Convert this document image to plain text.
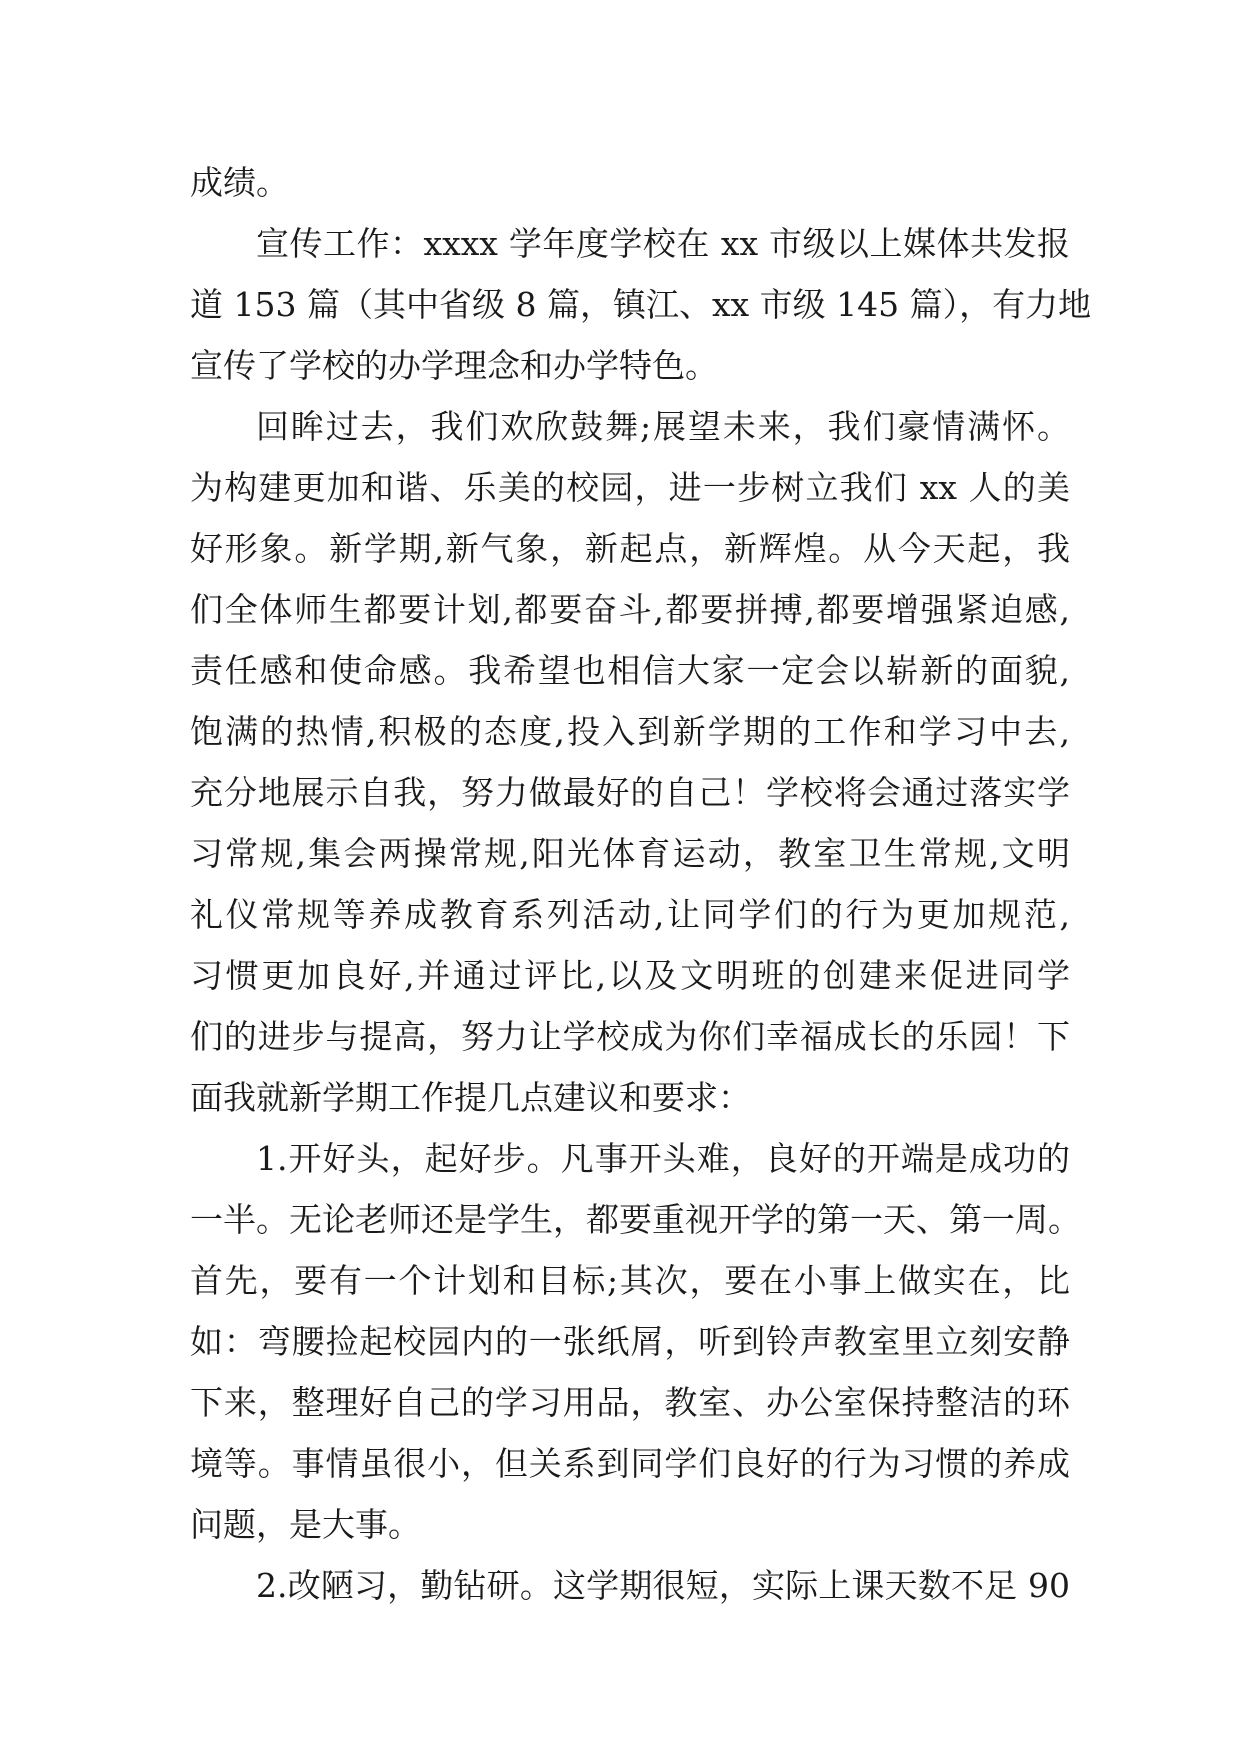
成绩。
宣传工作：xxxx 学年度学校在 xx 市级以上媒体共发报
道 153 篇（其中省级 8 篇，镇江、xx 市级 145 篇），有力地
宣传了学校的办学理念和办学特色。
回眸过去，我们欢欣鼓舞;展望未来，我们豪情满怀。
为构建更加和谐、乐美的校园，进一步树立我们 xx 人的美
好形象。新学期,新气象，新起点，新辉煌。从今天起，我
们全体师生都要计划,都要奋斗,都要拼搏,都要增强紧迫感,
责任感和使命感。我希望也相信大家一定会以崭新的面貌,
饱满的热情,积极的态度,投入到新学期的工作和学习中去,
充分地展示自我，努力做最好的自己！学校将会通过落实学
习常规,集会两操常规,阳光体育运动，教室卫生常规,文明
礼仪常规等养成教育系列活动,让同学们的行为更加规范,
习惯更加良好,并通过评比,以及文明班的创建来促进同学
们的进步与提高，努力让学校成为你们幸福成长的乐园！下
面我就新学期工作提几点建议和要求：
1.开好头，起好步。凡事开头难，良好的开端是成功的
一半。无论老师还是学生，都要重视开学的第一天、第一周。
首先，要有一个计划和目标;其次，要在小事上做实在，比
如：弯腰捡起校园内的一张纸屑，听到铃声教室里立刻安静
下来，整理好自己的学习用品，教室、办公室保持整洁的环
境等。事情虽很小，但关系到同学们良好的行为习惯的养成
问题，是大事。
2.改陋习，勤钻研。这学期很短，实际上课天数不足 90
